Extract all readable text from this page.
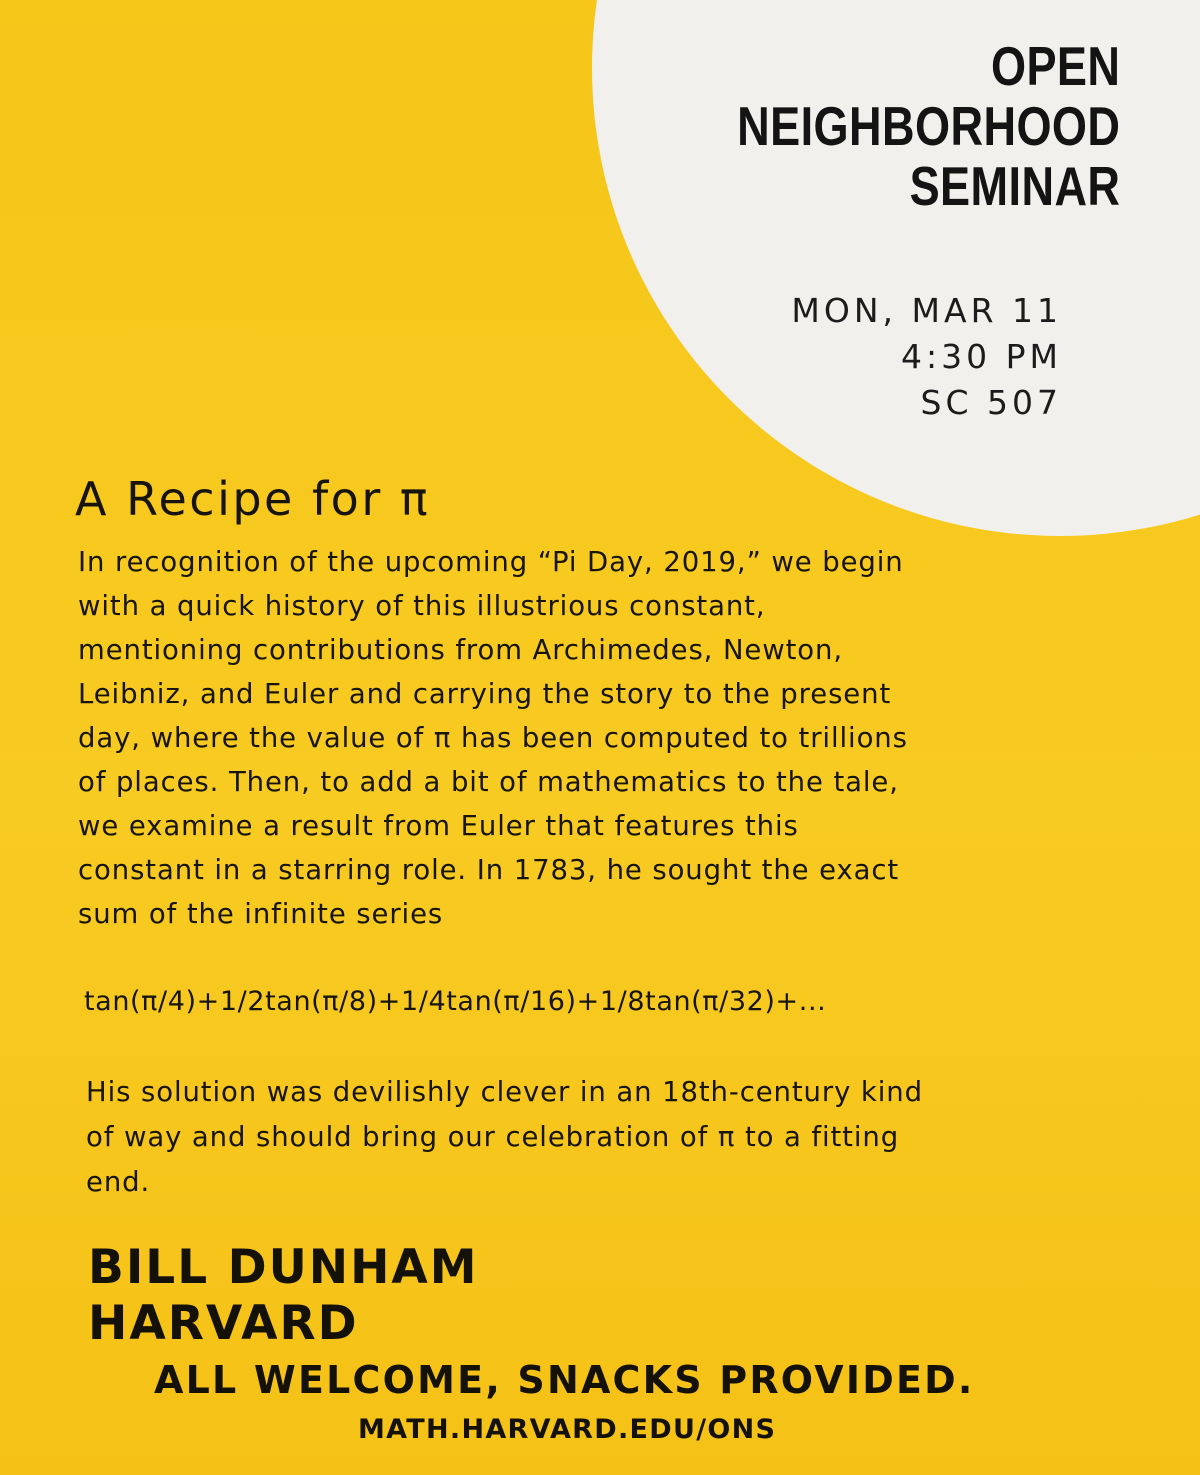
OPEN
NEIGHBORHOOD
SEMINAR
MON, MAR 11
4:30 PM
SC 507
A Recipe for π
In recognition of the upcoming “Pi Day, 2019,” we begin
with a quick history of this illustrious constant,
mentioning contributions from Archimedes, Newton,
Leibniz, and Euler and carrying the story to the present
day, where the value of π has been computed to trillions
of places. Then, to add a bit of mathematics to the tale,
we examine a result from Euler that features this
constant in a starring role. In 1783, he sought the exact
sum of the infinite series
tan(π/4)+1/2tan(π/8)+1/4tan(π/16)+1/8tan(π/32)+...
His solution was devilishly clever in an 18th-century kind
of way and should bring our celebration of π to a fitting
end.
BILL DUNHAM
HARVARD
ALL WELCOME, SNACKS PROVIDED.
MATH.HARVARD.EDU/ONS
